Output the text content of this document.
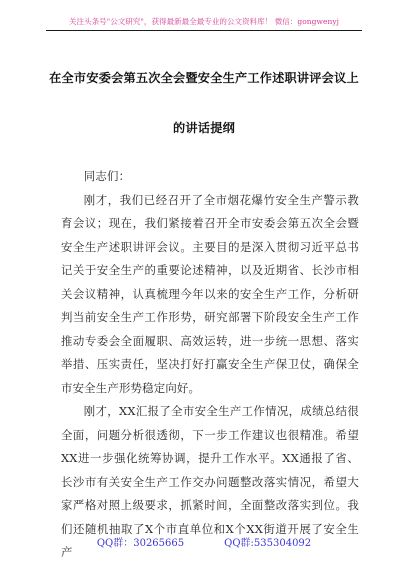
关注头条号"公文研究"，获得最新最全最专业的公文资料库！ 微信：gongwenyj
在全市安委会第五次全会暨安全生产工作述职讲评会议上
的讲话提纲
同志们：

刚才，我们已经召开了全市烟花爆竹安全生产警示教育会议；现在，我们紧接着召开全市安委会第五次全会暨安全生产述职讲评会议。主要目的是深入贯彻习近平总书记关于安全生产的重要论述精神，以及近期省、长沙市相关会议精神，认真梳理今年以来的安全生产工作，分析研判当前安全生产工作形势，研究部署下阶段安全生产工作推动专委会全面履职、高效运转，进一步统一思想、落实举措、压实责任，坚决打好打赢安全生产保卫仗，确保全市安全生产形势稳定向好。

刚才，XX汇报了全市安全生产工作情况，成绩总结很全面，问题分析很透彻，下一步工作建议也很精准。希望XX进一步强化统筹协调，提升工作水平。XX通报了省、长沙市有关安全生产工作交办问题整改落实情况，希望大家严格对照上级要求，抓紧时间，全面整改落实到位。我们还随机抽取了X个市直单位和X个XX街道开展了安全生产

QQ群：30265665	QQ群:535304092
